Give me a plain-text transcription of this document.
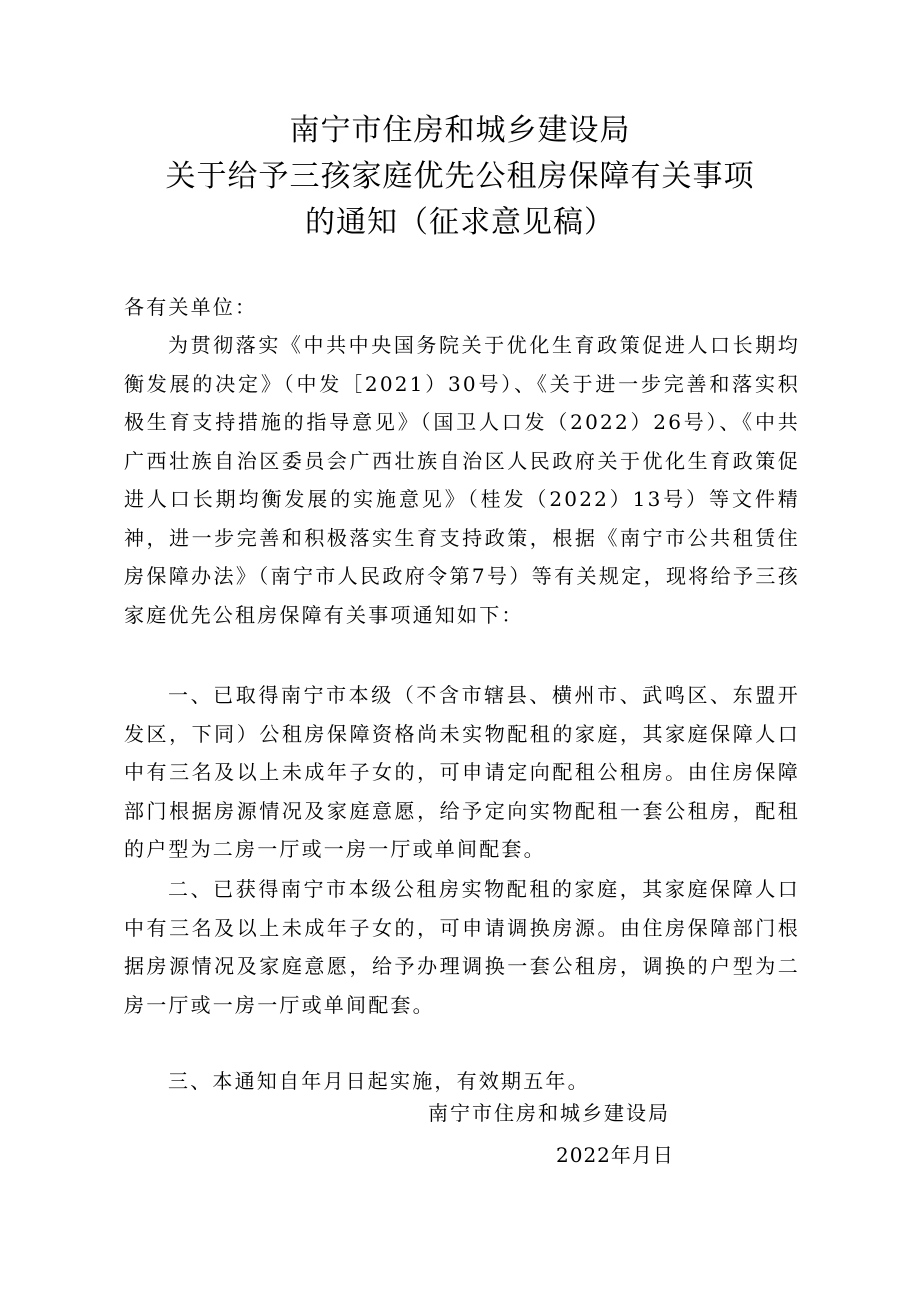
南宁市住房和城乡建设局
关于给予三孩家庭优先公租房保障有关事项
的通知（征求意见稿）

各有关单位：

为贯彻落实《中共中央国务院关于优化生育政策促进人口长期均衡发展的决定》（中发［2021）30号）、《关于进一步完善和落实积极生育支持措施的指导意见》（国卫人口发（2022）26号）、《中共广西壮族自治区委员会广西壮族自治区人民政府关于优化生育政策促进人口长期均衡发展的实施意见》（桂发（2022）13号）等文件精神，进一步完善和积极落实生育支持政策，根据《南宁市公共租赁住房保障办法》（南宁市人民政府令第7号）等有关规定，现将给予三孩家庭优先公租房保障有关事项通知如下：

一、已取得南宁市本级（不含市辖县、横州市、武鸣区、东盟开发区，下同）公租房保障资格尚未实物配租的家庭，其家庭保障人口中有三名及以上未成年子女的，可申请定向配租公租房。由住房保障部门根据房源情况及家庭意愿，给予定向实物配租一套公租房，配租的户型为二房一厅或一房一厅或单间配套。

二、已获得南宁市本级公租房实物配租的家庭，其家庭保障人口中有三名及以上未成年子女的，可申请调换房源。由住房保障部门根据房源情况及家庭意愿，给予办理调换一套公租房，调换的户型为二房一厅或一房一厅或单间配套。

三、本通知自年月日起实施，有效期五年。

南宁市住房和城乡建设局
2022年月日
